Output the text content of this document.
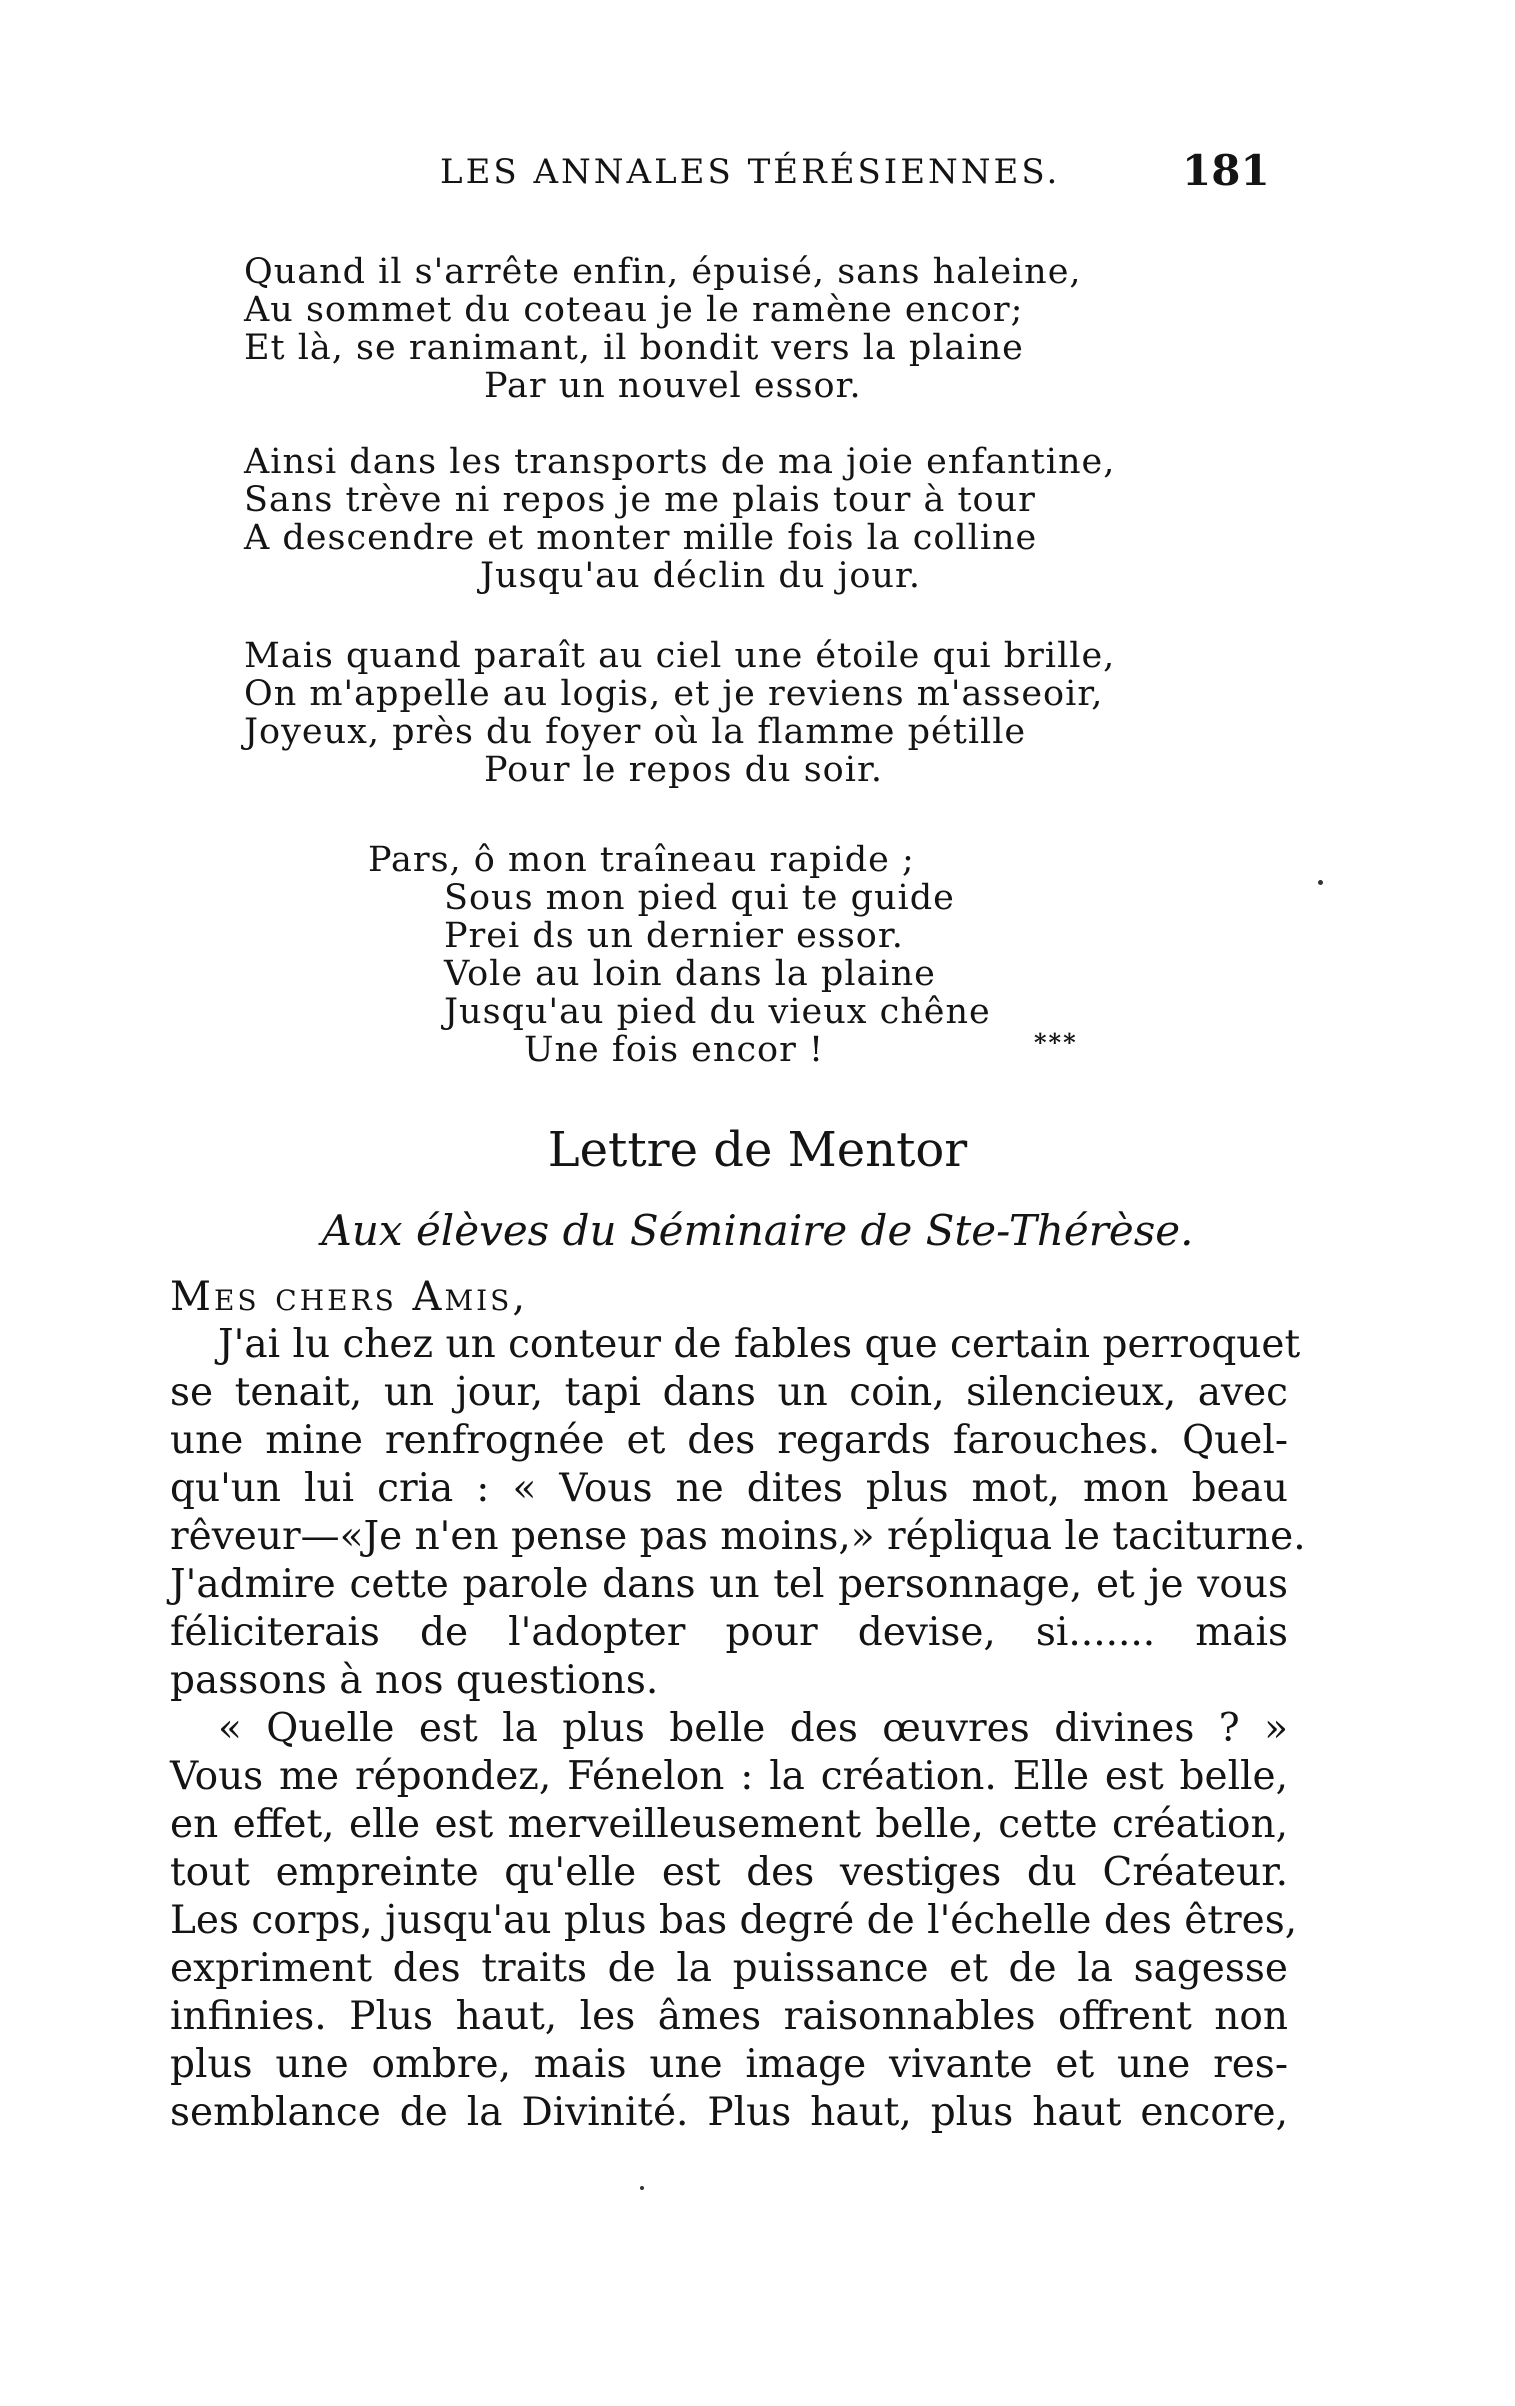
LES ANNALES TÉRÉSIENNES.	181
Quand il s'arrête enfin, épuisé, sans haleine,
Au sommet du coteau je le ramène encor;
Et là, se ranimant, il bondit vers la plaine
Par un nouvel essor.
Ainsi dans les transports de ma joie enfantine,
Sans trève ni repos je me plais tour à tour
A descendre et monter mille fois la colline
Jusqu'au déclin du jour.
Mais quand paraît au ciel une étoile qui brille,
On m'appelle au logis, et je reviens m'asseoir,
Joyeux, près du foyer où la flamme pétille
Pour le repos du soir.
Pars, ô mon traîneau rapide ;
Sous mon pied qui te guide
Prei ds un dernier essor.
Vole au loin dans la plaine
Jusqu'au pied du vieux chêne
Une fois encor !	***
Lettre de Mentor
Aux élèves du Séminaire de Ste-Thérèse.
Mes chers Amis,
J'ai lu chez un conteur de fables que certain perroquet
se tenait, un jour, tapi dans un coin, silencieux, avec
une mine renfrognée et des regards farouches. Quel-
qu'un lui cria : « Vous ne dites plus mot, mon beau
rêveur—«Je n'en pense pas moins,» répliqua le taciturne.
J'admire cette parole dans un tel personnage, et je vous
féliciterais de l'adopter pour devise, si....... mais
passons à nos questions.
« Quelle est la plus belle des œuvres divines ? »
Vous me répondez, Fénelon : la création. Elle est belle,
en effet, elle est merveilleusement belle, cette création,
tout empreinte qu'elle est des vestiges du Créateur.
Les corps, jusqu'au plus bas degré de l'échelle des êtres,
expriment des traits de la puissance et de la sagesse
infinies. Plus haut, les âmes raisonnables offrent non
plus une ombre, mais une image vivante et une res-
semblance de la Divinité. Plus haut, plus haut encore,
